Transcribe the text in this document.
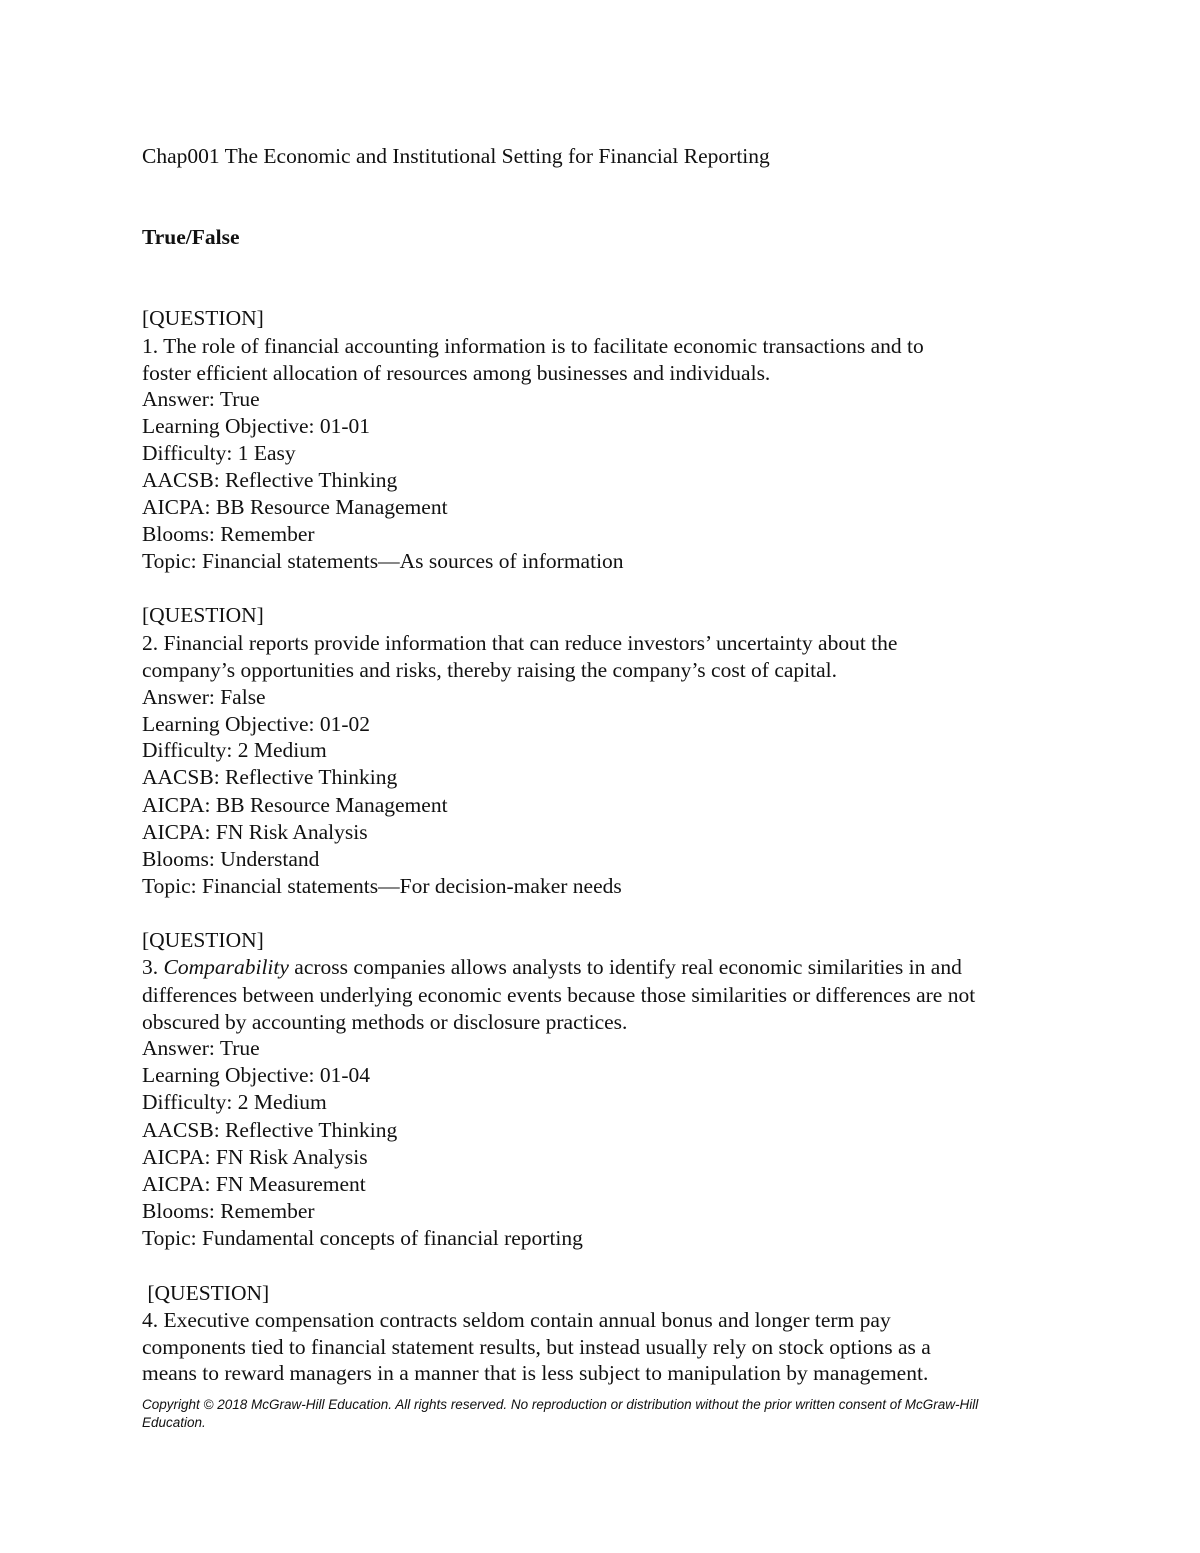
Chap001 The Economic and Institutional Setting for Financial Reporting
True/False
[QUESTION]
1. The role of financial accounting information is to facilitate economic transactions and to
foster efficient allocation of resources among businesses and individuals.
Answer: True
Learning Objective: 01-01
Difficulty: 1 Easy
AACSB: Reflective Thinking
AICPA: BB Resource Management
Blooms: Remember
Topic: Financial statements—As sources of information
[QUESTION]
2. Financial reports provide information that can reduce investors’ uncertainty about the
company’s opportunities and risks, thereby raising the company’s cost of capital.
Answer: False
Learning Objective: 01-02
Difficulty: 2 Medium
AACSB: Reflective Thinking
AICPA: BB Resource Management
AICPA: FN Risk Analysis
Blooms: Understand
Topic: Financial statements—For decision-maker needs
[QUESTION]
3. Comparability across companies allows analysts to identify real economic similarities in and
differences between underlying economic events because those similarities or differences are not
obscured by accounting methods or disclosure practices.
Answer: True
Learning Objective: 01-04
Difficulty: 2 Medium
AACSB: Reflective Thinking
AICPA: FN Risk Analysis
AICPA: FN Measurement
Blooms: Remember
Topic: Fundamental concepts of financial reporting
[QUESTION]
4. Executive compensation contracts seldom contain annual bonus and longer term pay
components tied to financial statement results, but instead usually rely on stock options as a
means to reward managers in a manner that is less subject to manipulation by management.
Copyright © 2018 McGraw-Hill Education. All rights reserved. No reproduction or distribution without the prior written consent of McGraw-Hill Education.
